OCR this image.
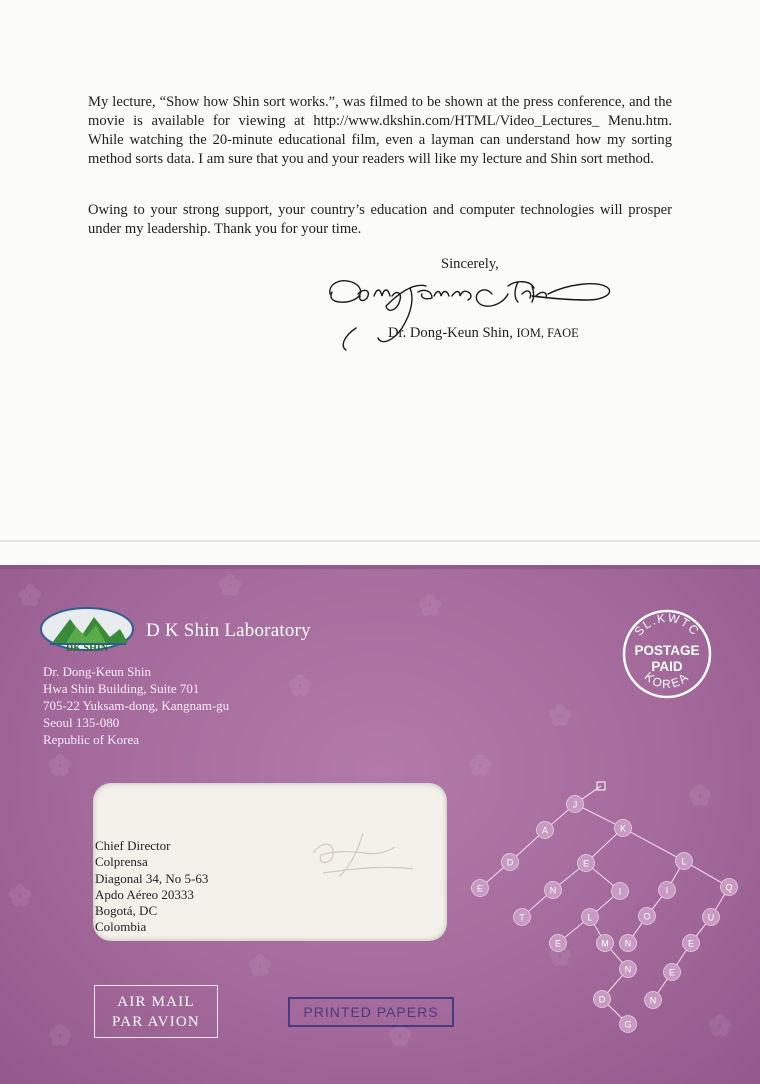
My lecture, “Show how Shin sort works.”, was filmed to be shown at the press conference, and the movie is available for viewing at http://www.dkshin.com/HTML/Video_Lectures_ Menu.htm. While watching the 20-minute educational film, even a layman can understand how my sorting method sorts data. I am sure that you and your readers will like my lecture and Shin sort method.

Owing to your strong support, your country’s education and computer technologies will prosper under my leadership. Thank you for your time.

Sincerely,
Dr. Dong-Keun Shin, IOM, FAOE
DK SHIN
D K Shin Laboratory
Dr. Dong-Keun Shin
Hwa Shin Building, Suite 701
705-22 Yuksam-dong, Kangnam-gu
Seoul 135-080
Republic of Korea
SL.KWTC
KOREA
POSTAGE
PAID
Chief Director
Colprensa
Diagonal 34, No 5-63
Apdo Aéreo 20333
Bogotá, DC
Colombia
J
A	K
D	E	L
E	N	I	I	Q
T	L	O	U
E	M N	E
N	E
D	N
G
AIR MAIL
PAR AVION
PRINTED PAPERS
